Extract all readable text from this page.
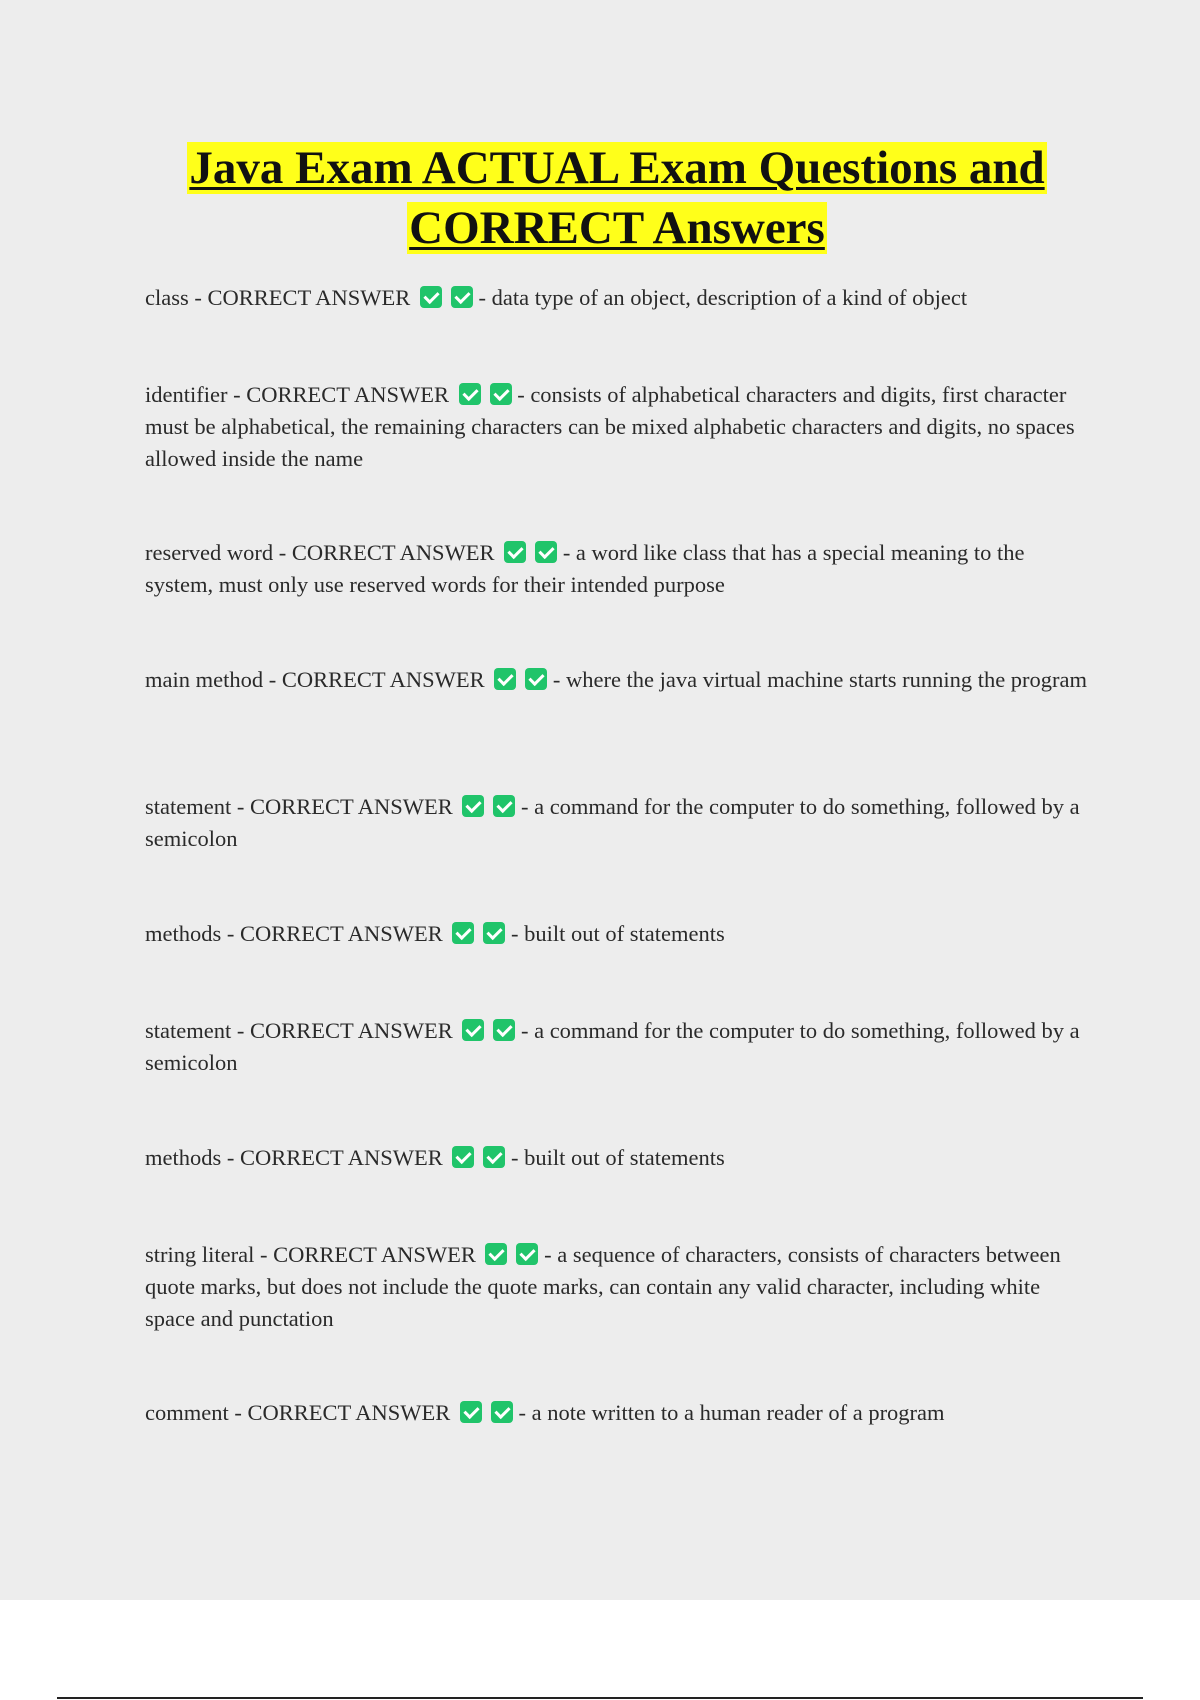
Java Exam ACTUAL Exam Questions and
CORRECT Answers
class - CORRECT ANSWER	- data type of an object, description of a kind of object
identifier - CORRECT ANSWER	- consists of alphabetical characters and digits, first character must be alphabetical, the remaining characters can be mixed alphabetic characters and digits, no spaces allowed inside the name
reserved word - CORRECT ANSWER	- a word like class that has a special meaning to the system, must only use reserved words for their intended purpose
main method - CORRECT ANSWER	- where the java virtual machine starts running the program
statement - CORRECT ANSWER	- a command for the computer to do something, followed by a semicolon
methods - CORRECT ANSWER	- built out of statements
statement - CORRECT ANSWER	- a command for the computer to do something, followed by a semicolon
methods - CORRECT ANSWER	- built out of statements
string literal - CORRECT ANSWER	- a sequence of characters, consists of characters between quote marks, but does not include the quote marks, can contain any valid character, including white space and punctation
comment - CORRECT ANSWER	- a note written to a human reader of a program
